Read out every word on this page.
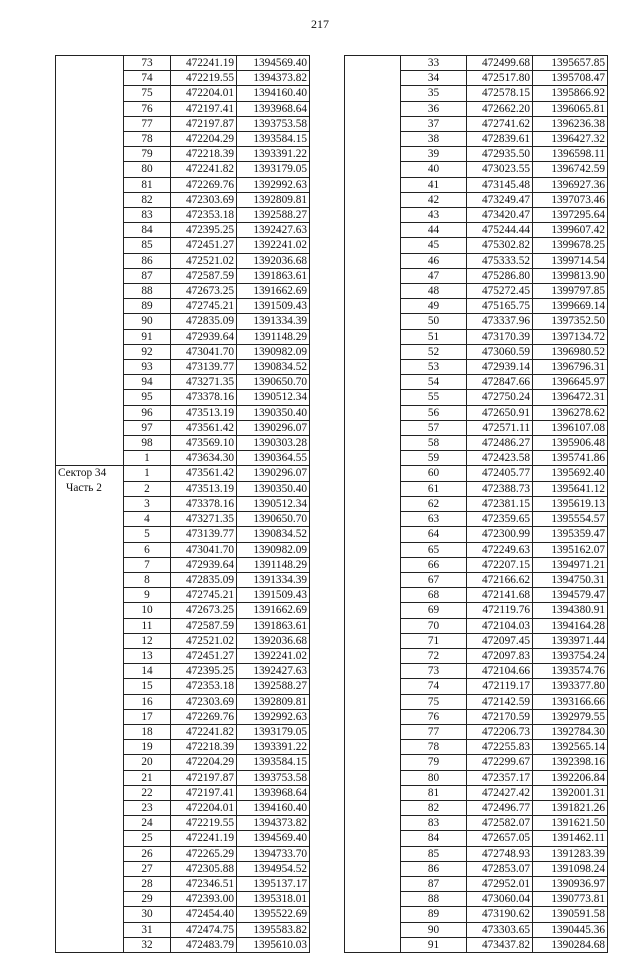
217
	73	472241.19	1394569.40
	74	472219.55	1394373.82
	75	472204.01	1394160.40
	76	472197.41	1393968.64
	77	472197.87	1393753.58
	78	472204.29	1393584.15
	79	472218.39	1393391.22
	80	472241.82	1393179.05
	81	472269.76	1392992.63
	82	472303.69	1392809.81
	83	472353.18	1392588.27
	84	472395.25	1392427.63
	85	472451.27	1392241.02
	86	472521.02	1392036.68
	87	472587.59	1391863.61
	88	472673.25	1391662.69
	89	472745.21	1391509.43
	90	472835.09	1391334.39
	91	472939.64	1391148.29
	92	473041.70	1390982.09
	93	473139.77	1390834.52
	94	473271.35	1390650.70
	95	473378.16	1390512.34
	96	473513.19	1390350.40
	97	473561.42	1390296.07
	98	473569.10	1390303.28
	1	473634.30	1390364.55

Сектор 34
Часть 2	1	473561.42	1390296.07
	2	473513.19	1390350.40
	3	473378.16	1390512.34
	4	473271.35	1390650.70
	5	473139.77	1390834.52
	6	473041.70	1390982.09
	7	472939.64	1391148.29
	8	472835.09	1391334.39
	9	472745.21	1391509.43
	10	472673.25	1391662.69
	11	472587.59	1391863.61
	12	472521.02	1392036.68
	13	472451.27	1392241.02
	14	472395.25	1392427.63
	15	472353.18	1392588.27
	16	472303.69	1392809.81
	17	472269.76	1392992.63
	18	472241.82	1393179.05
	19	472218.39	1393391.22
	20	472204.29	1393584.15
	21	472197.87	1393753.58
	22	472197.41	1393968.64
	23	472204.01	1394160.40
	24	472219.55	1394373.82
	25	472241.19	1394569.40
	26	472265.29	1394733.70
	27	472305.88	1394954.52
	28	472346.51	1395137.17
	29	472393.00	1395318.01
	30	472454.40	1395522.69
	31	472474.75	1395583.82
	32	472483.79	1395610.03
	33	472499.68	1395657.85
	34	472517.80	1395708.47
	35	472578.15	1395866.92
	36	472662.20	1396065.81
	37	472741.62	1396236.38
	38	472839.61	1396427.32
	39	472935.50	1396598.11
	40	473023.55	1396742.59
	41	473145.48	1396927.36
	42	473249.47	1397073.46
	43	473420.47	1397295.64
	44	475244.44	1399607.42
	45	475302.82	1399678.25
	46	475333.52	1399714.54
	47	475286.80	1399813.90
	48	475272.45	1399797.85
	49	475165.75	1399669.14
	50	473337.96	1397352.50
	51	473170.39	1397134.72
	52	473060.59	1396980.52
	53	472939.14	1396796.31
	54	472847.66	1396645.97
	55	472750.24	1396472.31
	56	472650.91	1396278.62
	57	472571.11	1396107.08
	58	472486.27	1395906.48
	59	472423.58	1395741.86
	60	472405.77	1395692.40
	61	472388.73	1395641.12
	62	472381.15	1395619.13
	63	472359.65	1395554.57
	64	472300.99	1395359.47
	65	472249.63	1395162.07
	66	472207.15	1394971.21
	67	472166.62	1394750.31
	68	472141.68	1394579.47
	69	472119.76	1394380.91
	70	472104.03	1394164.28
	71	472097.45	1393971.44
	72	472097.83	1393754.24
	73	472104.66	1393574.76
	74	472119.17	1393377.80
	75	472142.59	1393166.66
	76	472170.59	1392979.55
	77	472206.73	1392784.30
	78	472255.83	1392565.14
	79	472299.67	1392398.16
	80	472357.17	1392206.84
	81	472427.42	1392001.31
	82	472496.77	1391821.26
	83	472582.07	1391621.50
	84	472657.05	1391462.11
	85	472748.93	1391283.39
	86	472853.07	1391098.24
	87	472952.01	1390936.97
	88	473060.04	1390773.81
	89	473190.62	1390591.58
	90	473303.65	1390445.36
	91	473437.82	1390284.68
